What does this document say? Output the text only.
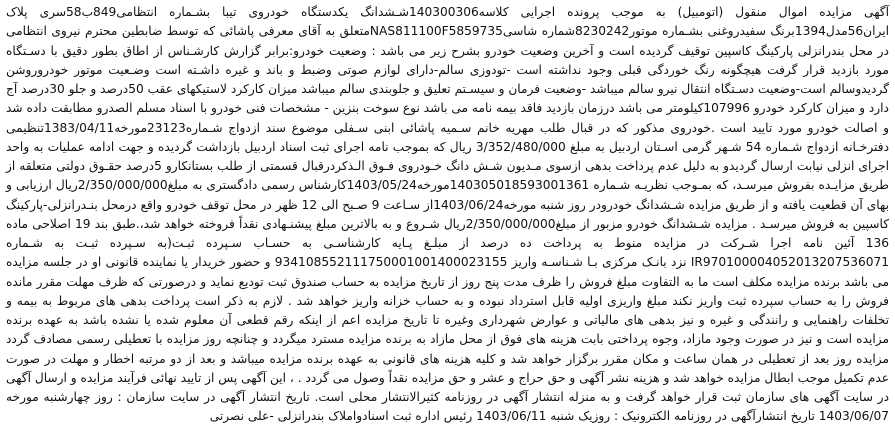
آگهی مزایده اموال منقول (اتومبیل) به موجب پرونده اجرایی کلاسه140300306شـشدانگ یکدستگاه خودروی تیبا بشـماره انتظامی849ب58سری پلاک ایران56مدل1394برنگ سفیدروغنی بشـماره موتور8230242شماره شاسیNAS811100F5859735متعلق به آقای معرفی پاشائی که توسط ضابطین محترم نیروی انتظامی در محل بندرانزلی پارکینگ کاسپین توقیف گردیده است و آخرین وضعیت خودرو بشرح زیر می باشد : وضعیت خودرو:برابر گزارش کارشـناس از اطاق بطور دقیق با دسـتگاه مورد بازدید قرار گرفت هیچگونه رنگ خوردگی قبلی وجود نداشته است -تودوزی سالم-دارای لوازم صوتی وضبط و باند و غیره داشـته است وضـعیت موتور خودروروشن گردیدوسالم است-وضعیت دسـتگاه انتقال نیرو سالم میباشد -وضعیت فرمان و سیسـتم تعلیق و جلوبندی سالم میباشد میزان کارکرد لاستیکهای عقب 50درصد و جلو 30درصد آج دارد و میزان کارکرد خودرو 107996کیلومتر می باشد درزمان بازدید فاقد بیمه نامه می باشد نوع سوخت بنزین - مشخصات فنی خودرو با اسناد مسلم الصدرو مطابقت داده شد و اصالت خودرو مورد تایید است .خودروی مذکور که در قبال طلب مهریه خانم سـمیه پاشائی ابنی سـفلی موضوع سند ازدواج شـماره23123مورخه1383/04/11تنظیمی دفترخـانه ازدواج شـماره 54 شـهر گرمی اسـتان اردبیل به مبلغ 3/352/480/000 ریال که بموجب نامه اجرای ثبت اسناد اردبیل بازداشت گردیده و جهت ادامه عملیات به واحد اجرای انزلی نیابت ارسال گردیدو به دلیل عدم پرداخت بدهی ازسوی مـدیون شـش دانگ خـودروی فـوق الـذکردرقبال قسمتی از طلب بستانکارو 5درصد حقـوق دولتی متعلقه از طریق مزایـده بفروش میرسـد، که بمـوجب نظریـه شـماره 140305018593001361مورخه1403/05/24کارشناس رسمی دادگستری به مبلغ2/350/000/000ریال ارزیابی و بهای آن قطعیت یافته و از طریق مزایده شـشدانگ خودرودر روز شنبه مورخه1403/06/24از سـاعت 9 صـبح الی 12 ظهر در محل توقف خودرو واقع درمحل بنـدرانزلی-پارکینگ کاسپین به فروش میرسـد . مزایده شـشدانگ خودرو مزبور از مبلغ2/350/000/000ریال شـروع و به بالاترین مبلغ پیشنـهادی نقداً فروخته خواهد شد،.طبق بند 19 اصلاحی ماده 136 آئین نامه اجرا شـرکت در مزایده منوط به پرداخت ده درصد از مبلـغ پـایه کارشناسـی به حسـاب سـپرده ثبـت(به سـپرده ثبـت به شـماره IR970100004052013207536071 نزد بانـک مرکزی بـا شـناسـه واریز 934108552111750001001400023155 و حضور خریدار یا نماینده قانونی او در جلسه مزایده می باشد برنده مزایده مکلف است ما به التفاوت مبلغ فروش را ظرف مدت پنج روز از تاریخ مزایده به حساب صندوق ثبت تودیع نماید و درصورتی که ظرف مهلت مقرر مانده فروش را به حساب سپرده ثبت واریز نکند مبلغ واریزی اولیه قابل استرداد نبوده و به حساب خزانه واریز خواهد شد . لازم به ذکر است پرداخت بدهی های مربوط به بیمه و تخلفات راهنمایی و رانندگی و غیره و نیز بدهی های مالیاتی و عوارض شهرداری وغیره تا تاریخ مزایده اعم از اینکه رقم قطعی آن معلوم شده یا نشده باشد به عهده برنده مزایده است و نیز در صورت وجود مازاد، وجوه پرداختی بابت هزینه های فوق از محل مازاد به برنده مزایده مسترد میگردد و چنانچه روز مزایده با تعطیلی رسمی مصادف گردد مزایده روز بعد از تعطیلی در همان ساعت و مکان مقرر برگزار خواهد شد و کلیه هزینه های قانونی به عهده برنده مزایده میباشد و بعد از دو مرتبه اخطار و مهلت در صورت عدم تکمیل موجب ابطال مزایده خواهد شد و هزینه نشر آگهی و حق حراج و عشر و حق مزایده نقداً وصول می گردد . ، این آگهی پس از تایید نهائی فرآیند مزایده و ارسال آگهی در سایت آگهی های سازمان ثبت قرار خواهد گرفت و به منزله انتشار آگهی در روزنامه کثیرالانتشار محلی است. تاریخ انتشار آگهی در سایت سازمان : روز چهارشنبه مورخه 1403/06/07 تاریخ انتشارآگهی در روزنامه الکترونیک : روزیک شنبه 1403/06/11 رئیس اداره ثبت اسنادواملاک بندرانزلی -علی نصرتی
